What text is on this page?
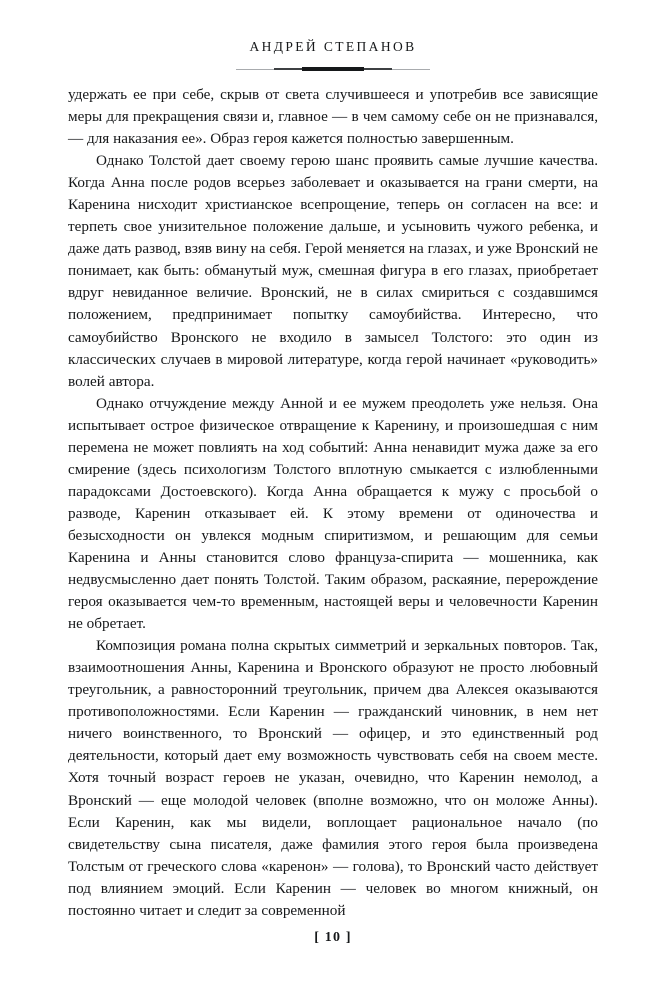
АНДРЕЙ СТЕПАНОВ

удержать ее при себе, скрыв от света случившееся и употребив все зависящие меры для прекращения связи и, главное — в чем самому себе он не признавался, — для наказания ее». Образ героя кажется полностью завершенным.

Однако Толстой дает своему герою шанс проявить самые лучшие качества. Когда Анна после родов всерьез заболевает и оказывается на грани смерти, на Каренина нисходит христианское всепрощение, теперь он согласен на все: и терпеть свое унизительное положение дальше, и усыновить чужого ребенка, и даже дать развод, взяв вину на себя. Герой меняется на глазах, и уже Вронский не понимает, как быть: обманутый муж, смешная фигура в его глазах, приобретает вдруг невиданное величие. Вронский, не в силах смириться с создавшимся положением, предпринимает попытку самоубийства. Интересно, что самоубийство Вронского не входило в замысел Толстого: это один из классических случаев в мировой литературе, когда герой начинает «руководить» волей автора.

Однако отчуждение между Анной и ее мужем преодолеть уже нельзя. Она испытывает острое физическое отвращение к Каренину, и произошедшая с ним перемена не может повлиять на ход событий: Анна ненавидит мужа даже за его смирение (здесь психологизм Толстого вплотную смыкается с излюбленными парадоксами Достоевского). Когда Анна обращается к мужу с просьбой о разводе, Каренин отказывает ей. К этому времени от одиночества и безысходности он увлекся модным спиритизмом, и решающим для семьи Каренина и Анны становится слово француза-спирита — мошенника, как недвусмысленно дает понять Толстой. Таким образом, раскаяние, перерождение героя оказывается чем-то временным, настоящей веры и человечности Каренин не обретает.

Композиция романа полна скрытых симметрий и зеркальных повторов. Так, взаимоотношения Анны, Каренина и Вронского образуют не просто любовный треугольник, а равносторонний треугольник, причем два Алексея оказываются противоположностями. Если Каренин — гражданский чиновник, в нем нет ничего воинственного, то Вронский — офицер, и это единственный род деятельности, который дает ему возможность чувствовать себя на своем месте. Хотя точный возраст героев не указан, очевидно, что Каренин немолод, а Вронский — еще молодой человек (вполне возможно, что он моложе Анны). Если Каренин, как мы видели, воплощает рациональное начало (по свидетельству сына писателя, даже фамилия этого героя была произведена Толстым от греческого слова «каренон» — голова), то Вронский часто действует под влиянием эмоций. Если Каренин — человек во многом книжный, он постоянно читает и следит за современной

[ 10 ]
